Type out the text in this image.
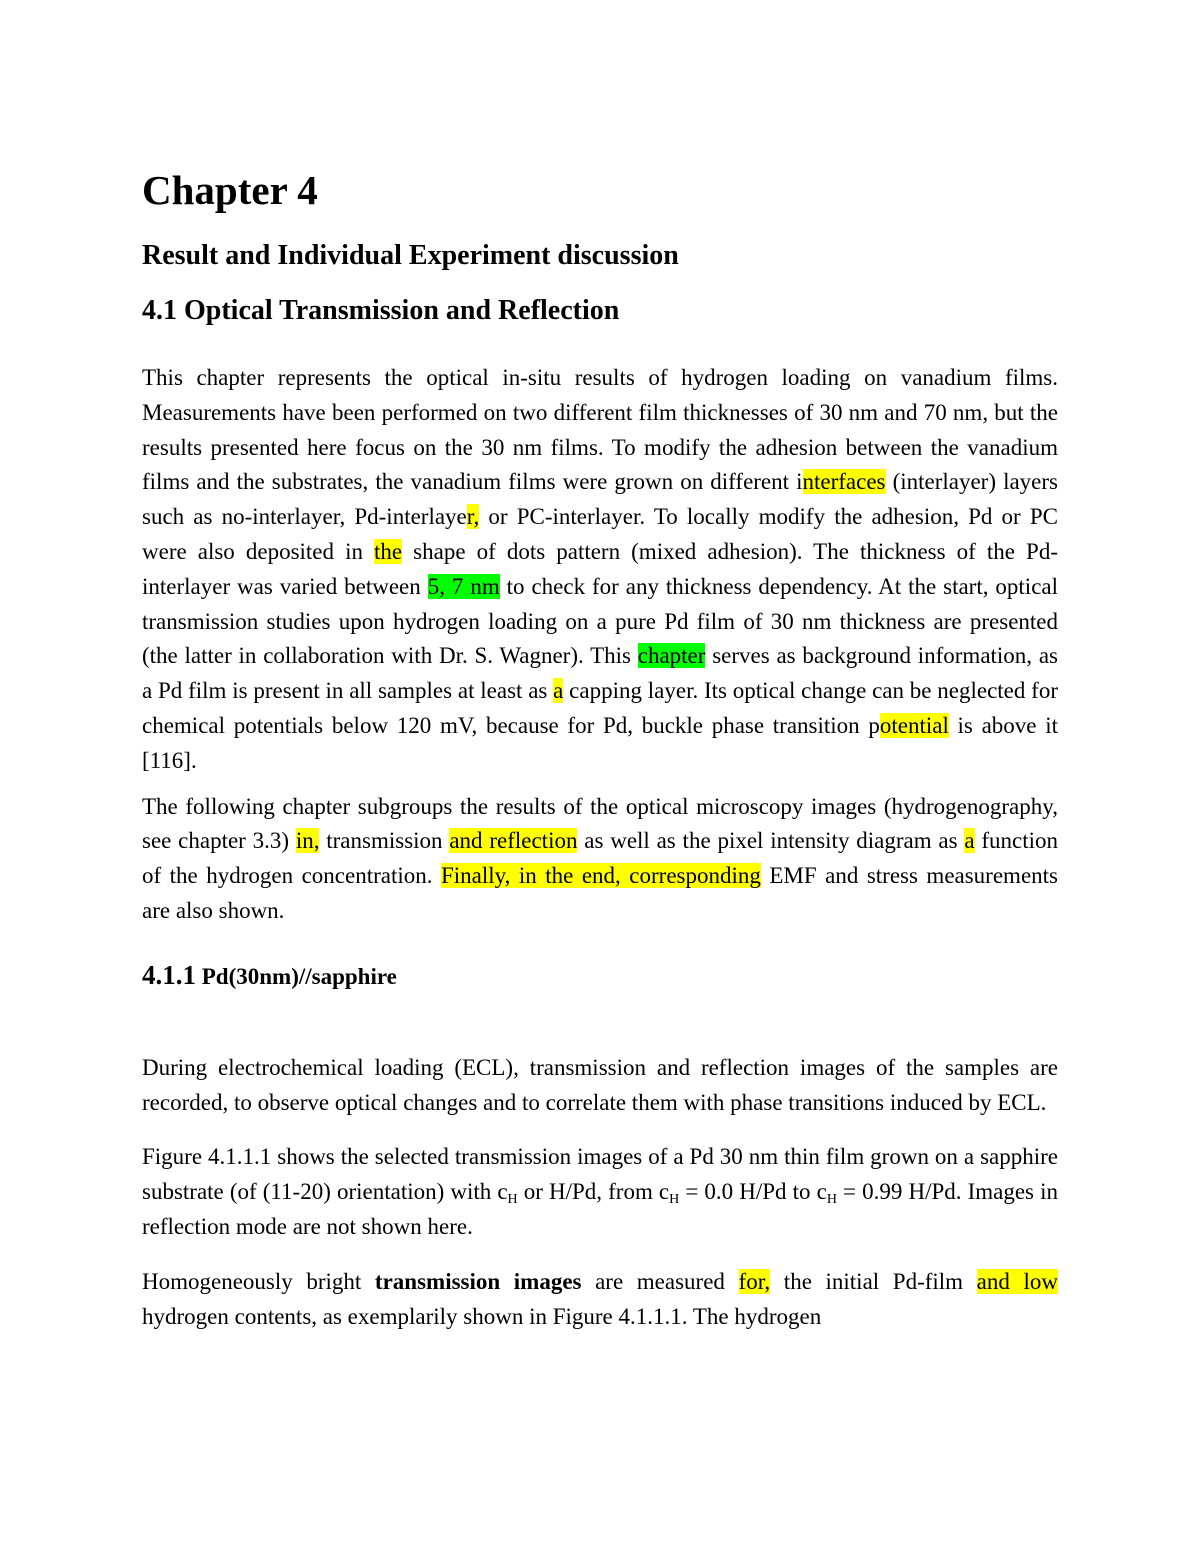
Chapter 4
Result and Individual Experiment discussion
4.1 Optical Transmission and Reflection

This chapter represents the optical in-situ results of hydrogen loading on vanadium films. Measurements have been performed on two different film thicknesses of 30 nm and 70 nm, but the results presented here focus on the 30 nm films. To modify the adhesion between the vanadium films and the substrates, the vanadium films were grown on different interfaces (interlayer) layers such as no-interlayer, Pd-interlayer, or PC-interlayer. To locally modify the adhesion, Pd or PC were also deposited in the shape of dots pattern (mixed adhesion). The thickness of the Pd-interlayer was varied between 5, 7 nm to check for any thickness dependency. At the start, optical transmission studies upon hydrogen loading on a pure Pd film of 30 nm thickness are presented (the latter in collaboration with Dr. S. Wagner). This chapter serves as background information, as a Pd film is present in all samples at least as a capping layer. Its optical change can be neglected for chemical potentials below 120 mV, because for Pd, buckle phase transition potential is above it [116].

The following chapter subgroups the results of the optical microscopy images (hydrogenography, see chapter 3.3) in, transmission and reflection as well as the pixel intensity diagram as a function of the hydrogen concentration. Finally, in the end, corresponding EMF and stress measurements are also shown.

4.1.1 Pd(30nm)//sapphire

During electrochemical loading (ECL), transmission and reflection images of the samples are recorded, to observe optical changes and to correlate them with phase transitions induced by ECL.

Figure 4.1.1.1 shows the selected transmission images of a Pd 30 nm thin film grown on a sapphire substrate (of (11-20) orientation) with $c_H$ or H/Pd, from $c_H = 0.0$ H/Pd to $c_H = 0.99$ H/Pd. Images in reflection mode are not shown here.

Homogeneously bright transmission images are measured for, the initial Pd-film and low hydrogen contents, as exemplarily shown in Figure 4.1.1.1. The hydrogen
